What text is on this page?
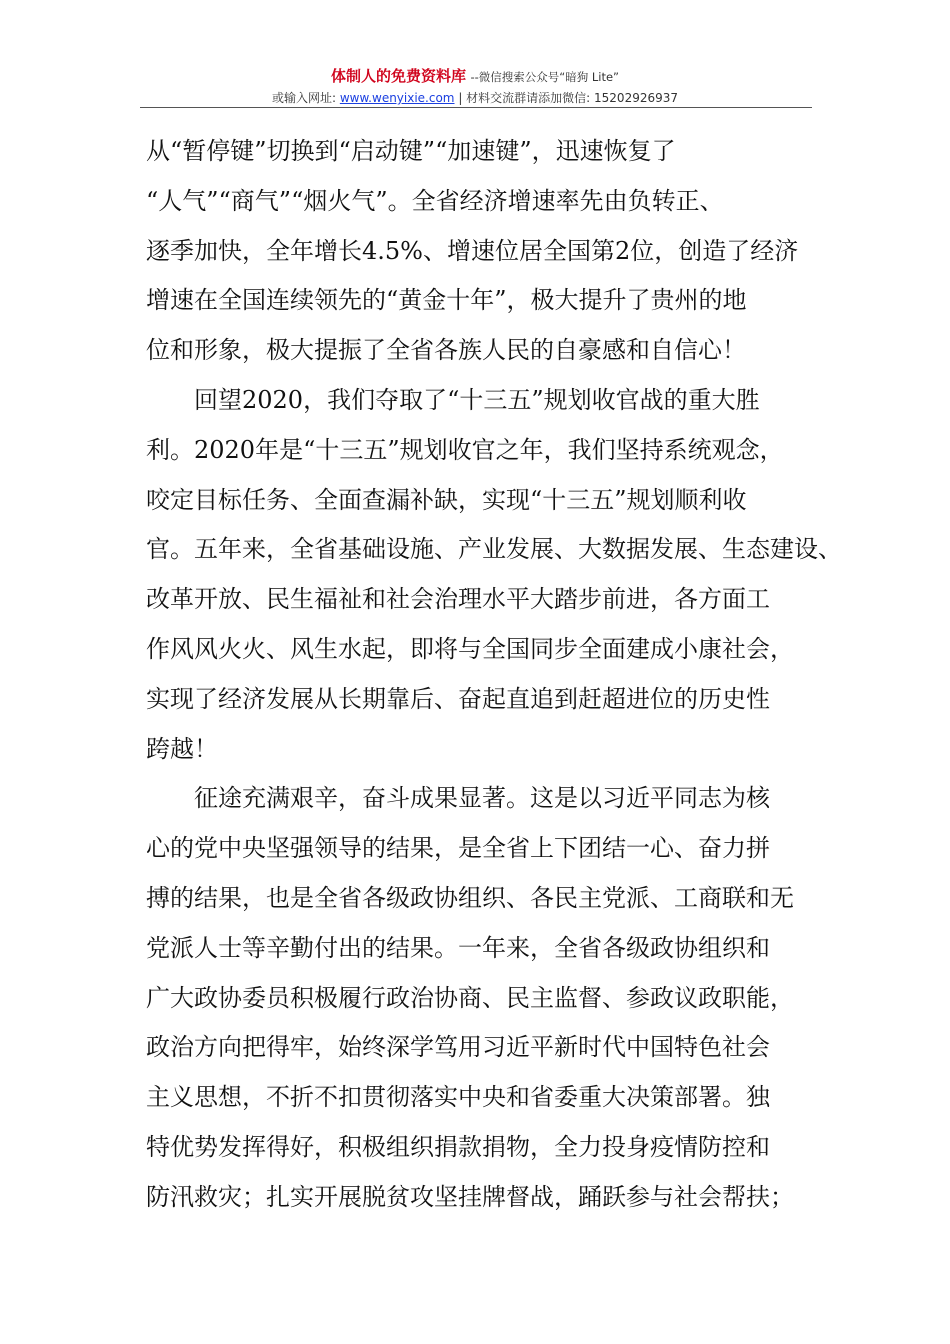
体制人的免费资料库 --微信搜索公众号“暗狗 Lite”
或输入网址: www.wenyixie.com | 材料交流群请添加微信: 15202926937
从“暂停键”切换到“启动键”“加速键”，迅速恢复了
“人气”“商气”“烟火气”。全省经济增速率先由负转正、
逐季加快，全年增长4.5%、增速位居全国第2位，创造了经济
增速在全国连续领先的“黄金十年”，极大提升了贵州的地
位和形象，极大提振了全省各族人民的自豪感和自信心！
　　回望2020，我们夺取了“十三五”规划收官战的重大胜
利。2020年是“十三五”规划收官之年，我们坚持系统观念，
咬定目标任务、全面查漏补缺，实现“十三五”规划顺利收
官。五年来，全省基础设施、产业发展、大数据发展、生态建设、
改革开放、民生福祉和社会治理水平大踏步前进，各方面工
作风风火火、风生水起，即将与全国同步全面建成小康社会，
实现了经济发展从长期靠后、奋起直追到赶超进位的历史性
跨越！
　　征途充满艰辛，奋斗成果显著。这是以习近平同志为核
心的党中央坚强领导的结果，是全省上下团结一心、奋力拼
搏的结果，也是全省各级政协组织、各民主党派、工商联和无
党派人士等辛勤付出的结果。一年来，全省各级政协组织和
广大政协委员积极履行政治协商、民主监督、参政议政职能，
政治方向把得牢，始终深学笃用习近平新时代中国特色社会
主义思想，不折不扣贯彻落实中央和省委重大决策部署。独
特优势发挥得好，积极组织捐款捐物，全力投身疫情防控和
防汛救灾；扎实开展脱贫攻坚挂牌督战，踊跃参与社会帮扶；
